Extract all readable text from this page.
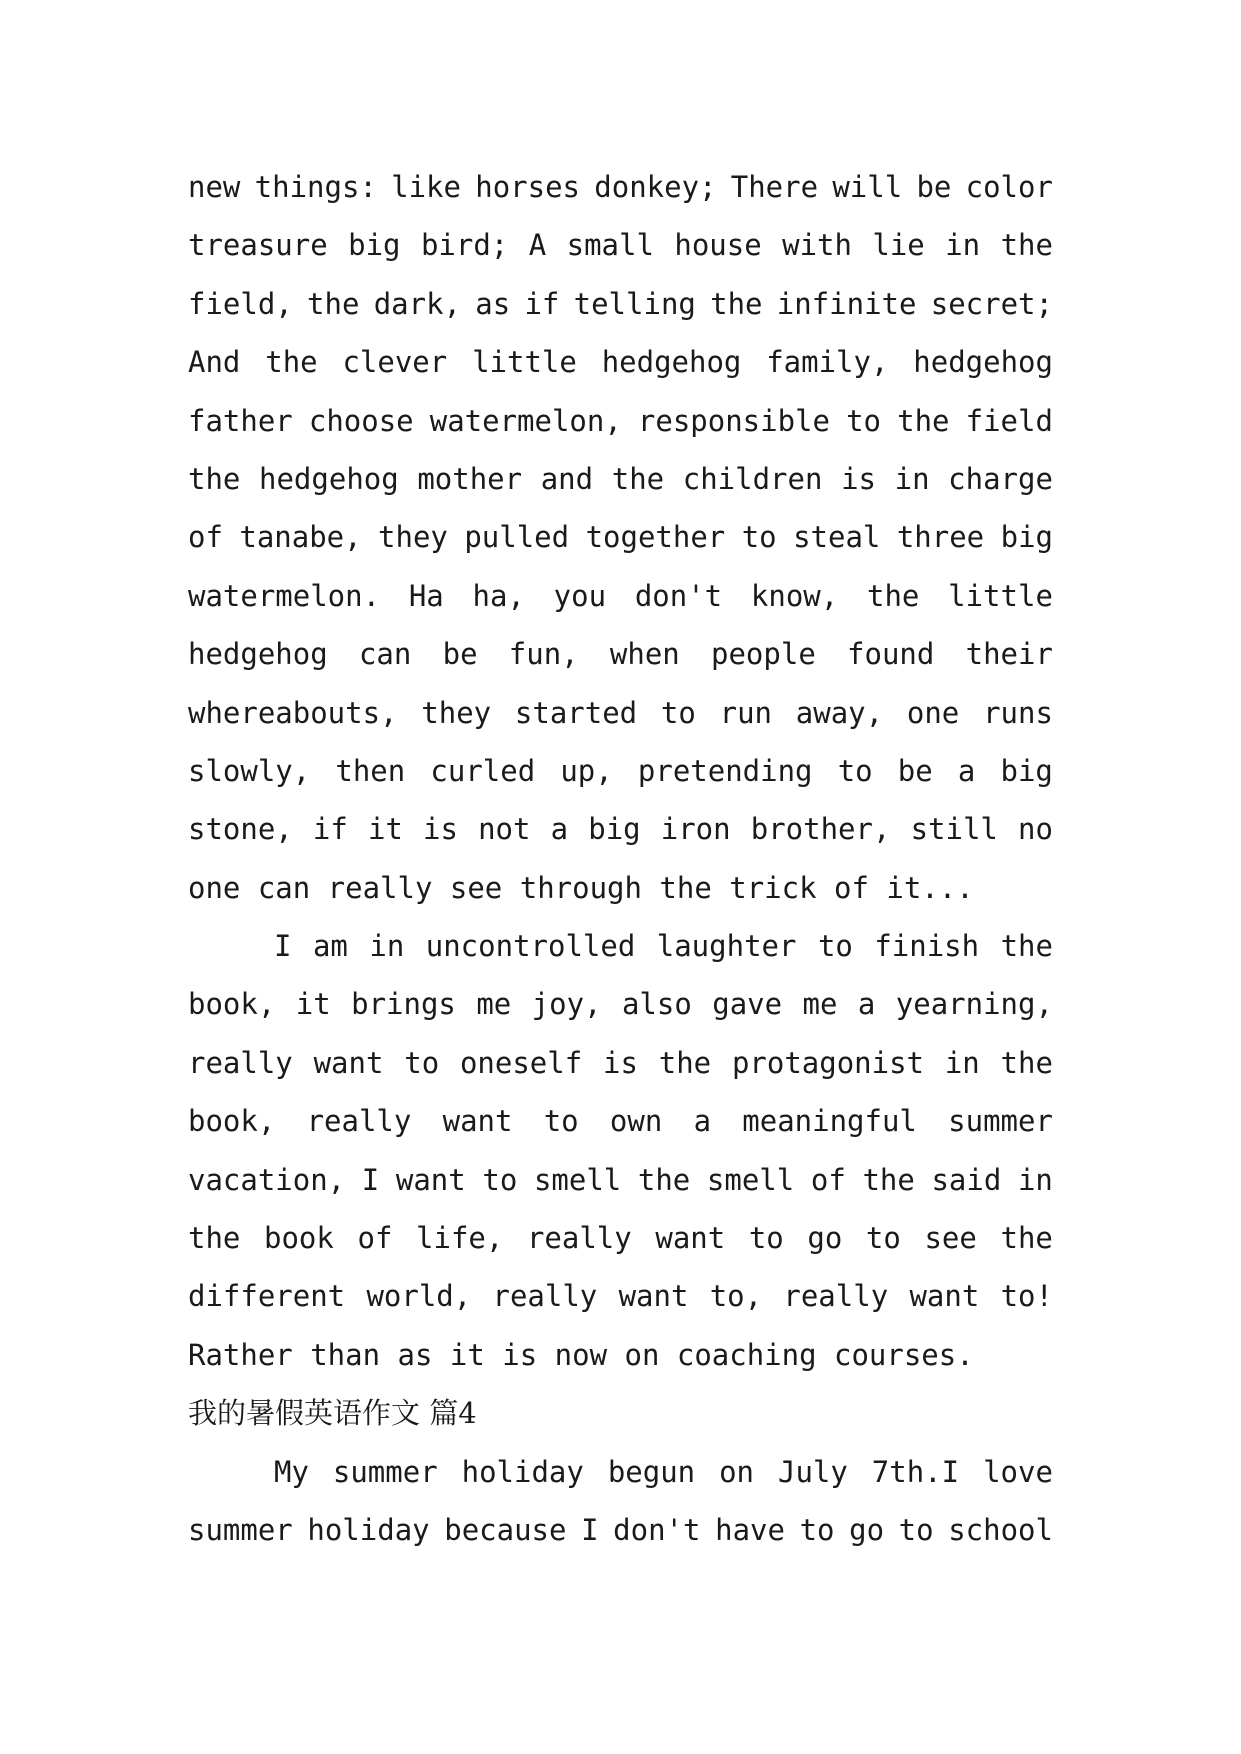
new things: like horses donkey; There will be color
treasure big bird; A small house with lie in the
field, the dark, as if telling the infinite secret;
And the clever little hedgehog family, hedgehog
father choose watermelon, responsible to the field
the hedgehog mother and the children is in charge
of tanabe, they pulled together to steal three big
watermelon. Ha ha, you don't know, the little
hedgehog can be fun, when people found their
whereabouts, they started to run away, one runs
slowly, then curled up, pretending to be a big
stone, if it is not a big iron brother, still no
one can really see through the trick of it...
I am in uncontrolled laughter to finish the
book, it brings me joy, also gave me a yearning,
really want to oneself is the protagonist in the
book, really want to own a meaningful summer
vacation, I want to smell the smell of the said in
the book of life, really want to go to see the
different world, really want to, really want to!
Rather than as it is now on coaching courses.
我的暑假英语作文 篇4
My summer holiday begun on July 7th.I love
summer holiday because I don't have to go to school
